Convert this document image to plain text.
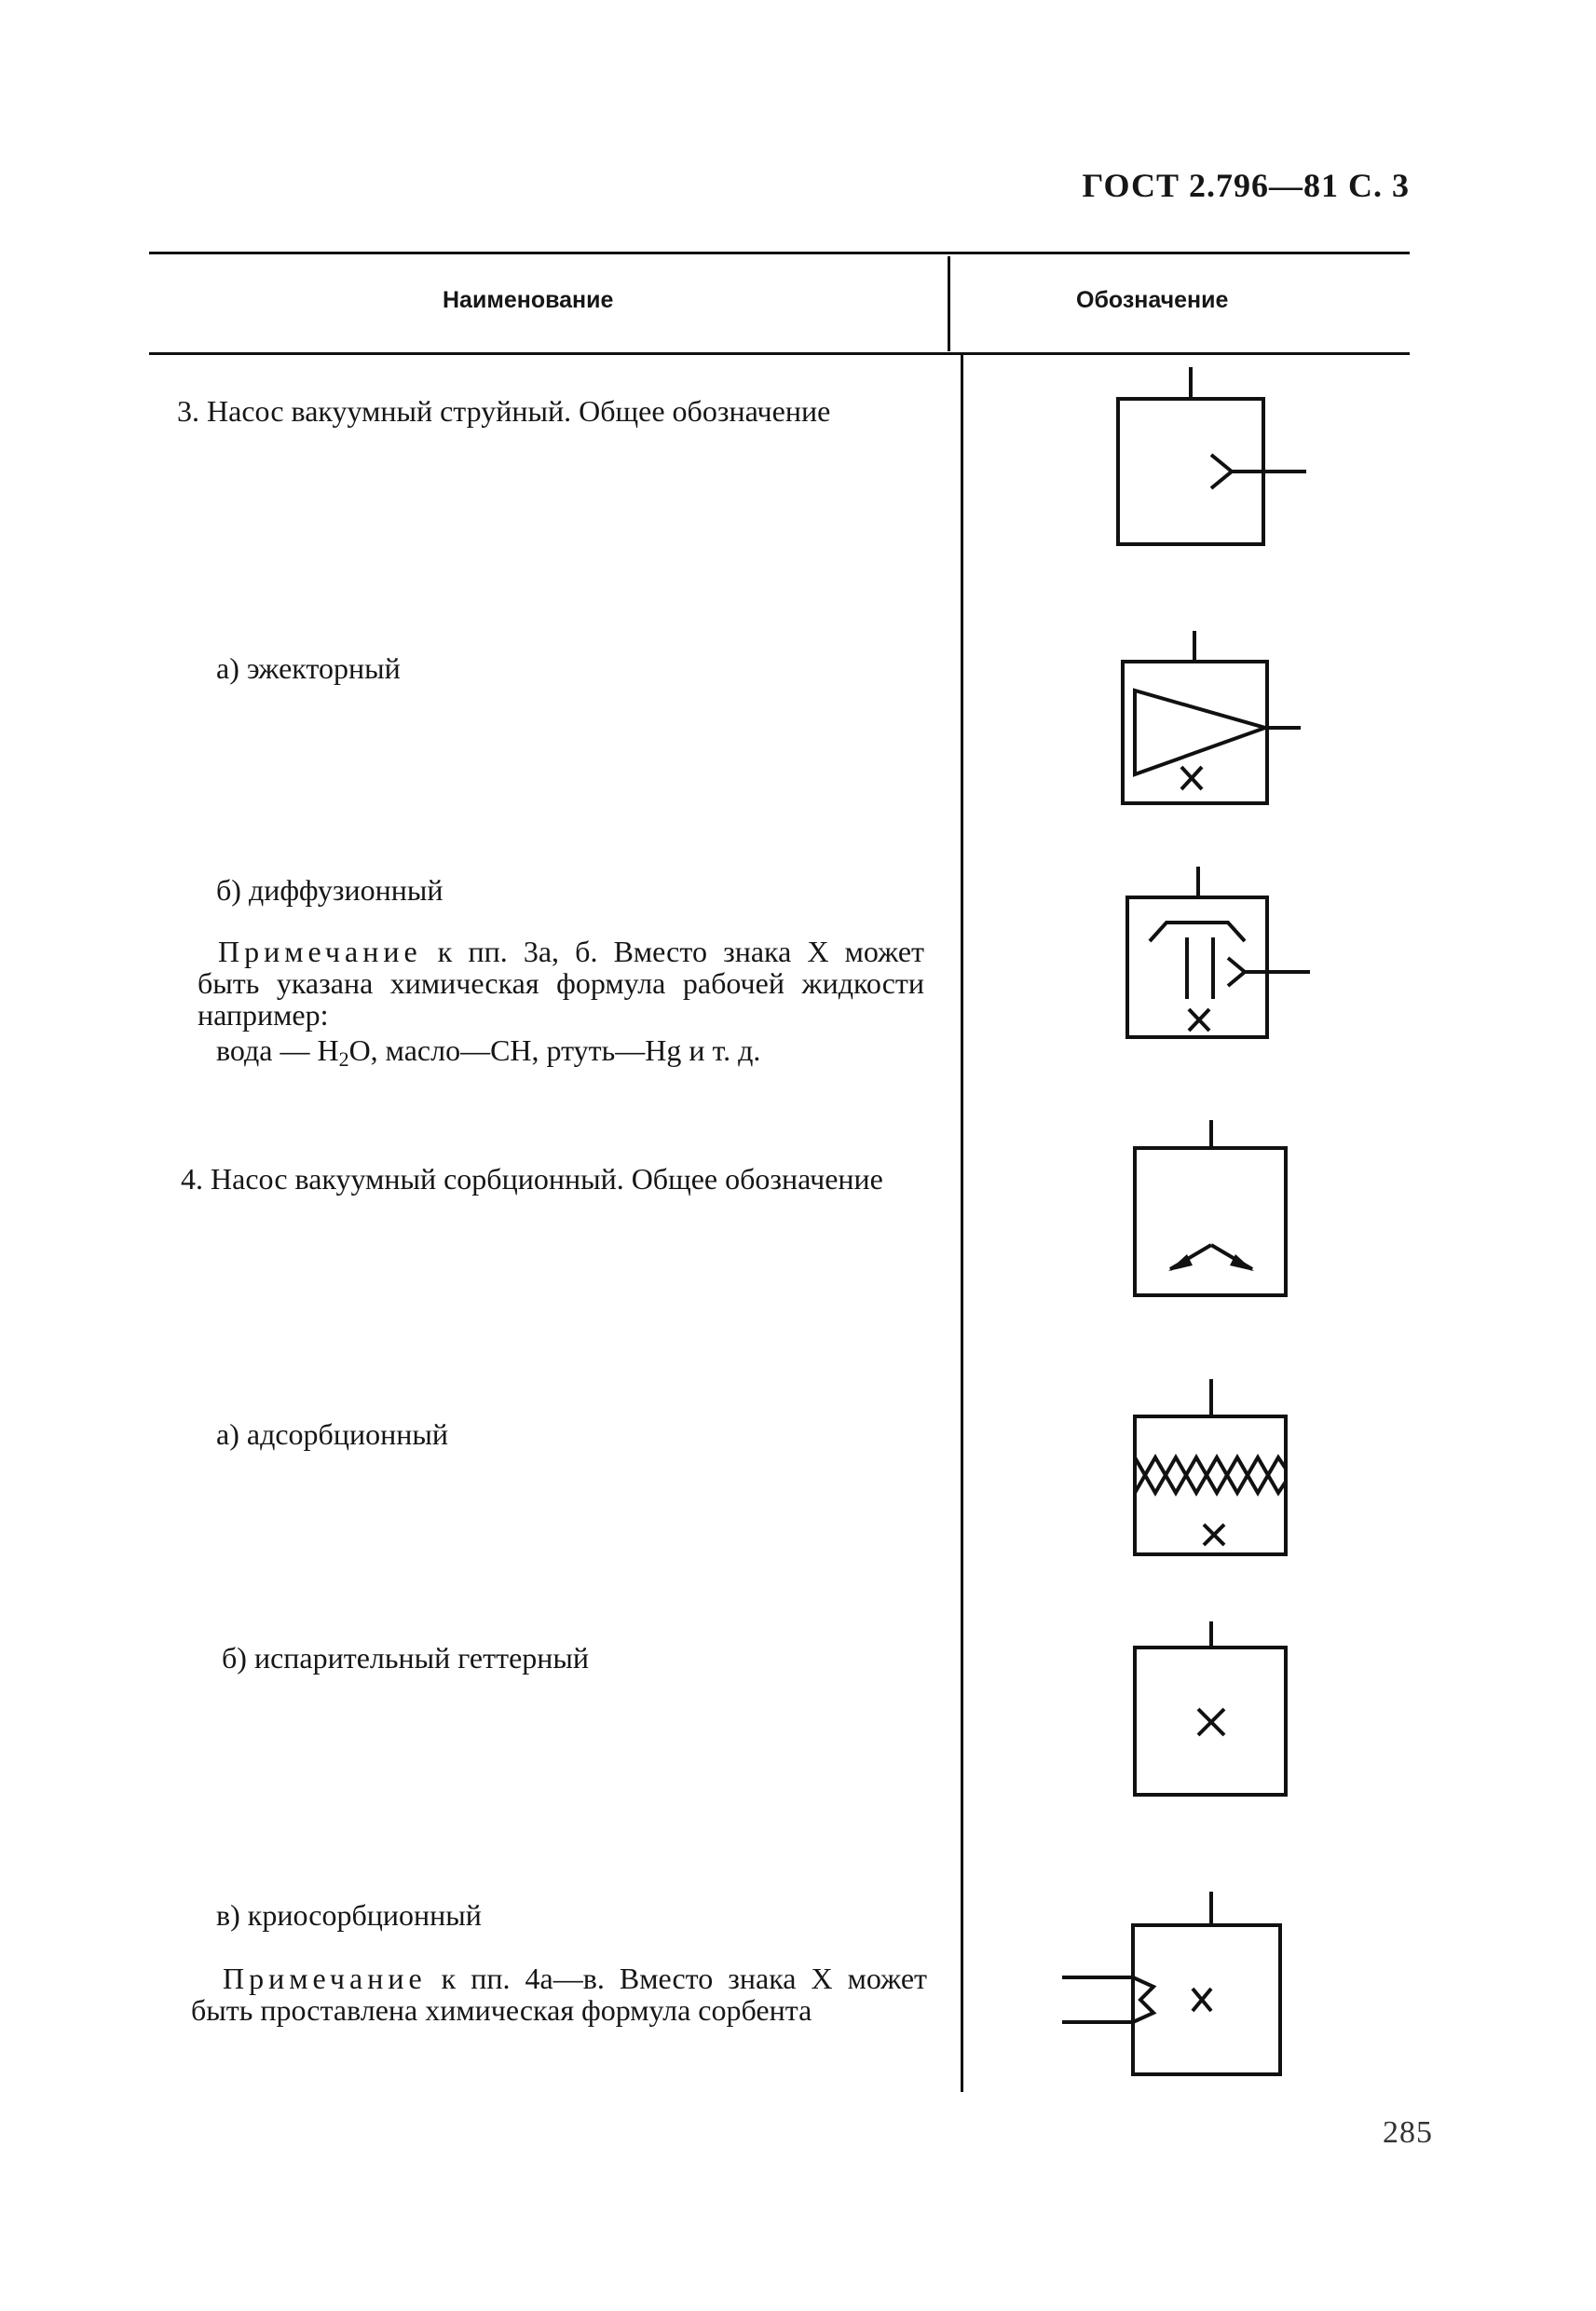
ГОСТ 2.796—81 С. 3
Наименование	Обозначение
3. Насос вакуумный струйный. Общее обозначение
а) эжекторный
б) диффузионный

Примечание к пп. 3а, б. Вместо знака X может быть указана химическая формула рабочей жидкости например:

вода — $H_2O$, масло—СН, ртуть—Hg и т. д.
4. Насос вакуумный сорбционный. Общее обозначение
а) адсорбционный
б) испарительный геттерный
в) криосорбционный

Примечание к пп. 4а—в. Вместо знака X может быть проставлена химическая формула сорбента

285
